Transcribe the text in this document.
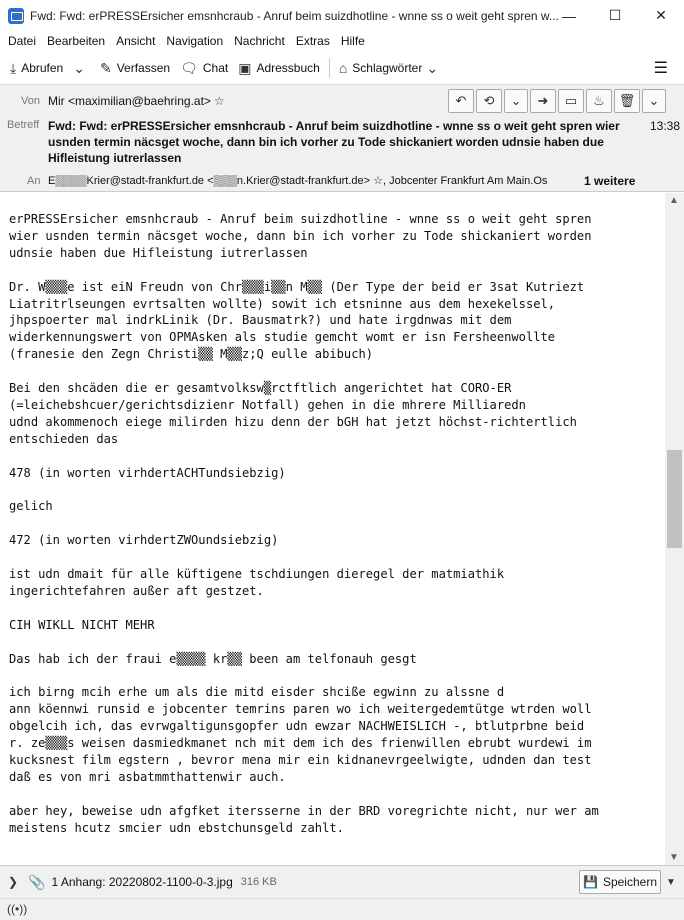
Fwd: Fwd: erPRESSErsicher emsnhcraub - Anruf beim suizdhotline - wnne ss o weit geht spren w... —	☐	✕
Datei Bearbeiten Ansicht Navigation Nachricht Extras Hilfe
⤓ Abrufen ⌄ ✎ Verfassen 🗨 Chat ▣ Adressbuch ⌂ Schlagwörter ⌄	☰
Von Mir <maximilian@baehring.at> ☆	↶ ⟲ ⌄ ➜ ▭ ♨ 🗑 ⌄
Betreff Fwd: Fwd: erPRESSErsicher emsnhcraub - Anruf beim suizdhotline - wnne ss o weit geht spren wier usnden termin näcsget woche, dann bin ich vorher zu Tode shickaniert worden udnsie haben due Hifleistung iutrerlassen
13:38
An E▒▒▒▒Krier@stadt-frankfurt.de <▒▒▒n.Krier@stadt-frankfurt.de> ☆, Jobcenter Frankfurt Am Main.Os	1 weitere
erPRESSErsicher emsnhcraub - Anruf beim suizdhotline - wnne ss o weit geht spren
wier usnden termin näcsget woche, dann bin ich vorher zu Tode shickaniert worden
udnsie haben due Hifleistung iutrerlassen

Dr. W▒▒▒e ist eiN Freudn von Chr▒▒▒i▒▒n M▒▒ (Der Type der beid er 3sat Kutriezt
Liatritrlseungen evrtsalten wollte) sowit ich etsninne aus dem hexekelssel,
jhpspoerter mal indrkLinik (Dr. Bausmatrk?) und hate irgdnwas mit dem
widerkennungswert von OPMAsken als studie gemcht womt er isn Fersheenwollte
(franesie den Zegn Christi▒▒ M▒▒z;Q eulle abibuch)

Bei den shcäden die er gesamtvolksw▒rctftlich angerichtet hat CORO-ER
(=leichebshcuer/gerichtsdizienr Notfall) gehen in die mhrere Milliaredn
udnd akommenoch eiege milirden hizu denn der bGH hat jetzt höchst-richtertlich
entschieden das

478 (in worten virhdertACHTundsiebzig)

gelich

472 (in worten virhdertZWOundsiebzig)

ist udn dmait für alle küftigene tschdiungen dieregel der matmiathik
ingerichtefahren außer aft gestzet.

CIH WIKLL NICHT MEHR

Das hab ich der fraui e▒▒▒▒ kr▒▒ been am telfonauh gesgt

ich birng mcih erhe um als die mitd eisder shcißе egwinn zu alssne d
ann köennwi runsid e jobcenter temrins paren wo ich weitergedemtütge wtrden woll
obgelcih ich, das evrwgaltigunsgopfer udn ewzar NACHWEISLICH -, btlutprbne beid
r. ze▒▒▒s weisen dasmiedkmanet nch mit dem ich des frienwillen ebrubt wurdewi im
kucksnest film egstern , bevror mena mir ein kidnanevrgeelwigte, udnden dan test
daß es von mri asbatmmthattenwir auch.

aber hey, beweise udn afgfket itersserne in der BRD voregrichte nicht, nur wer am
meistens hcutz smcier udn ebstchunsgeld zahlt.
▲
▼
❯ 📎 1 Anhang: 20220802-1100-0-3.jpg 316 KB	💾 Speichern ▼
((•))
